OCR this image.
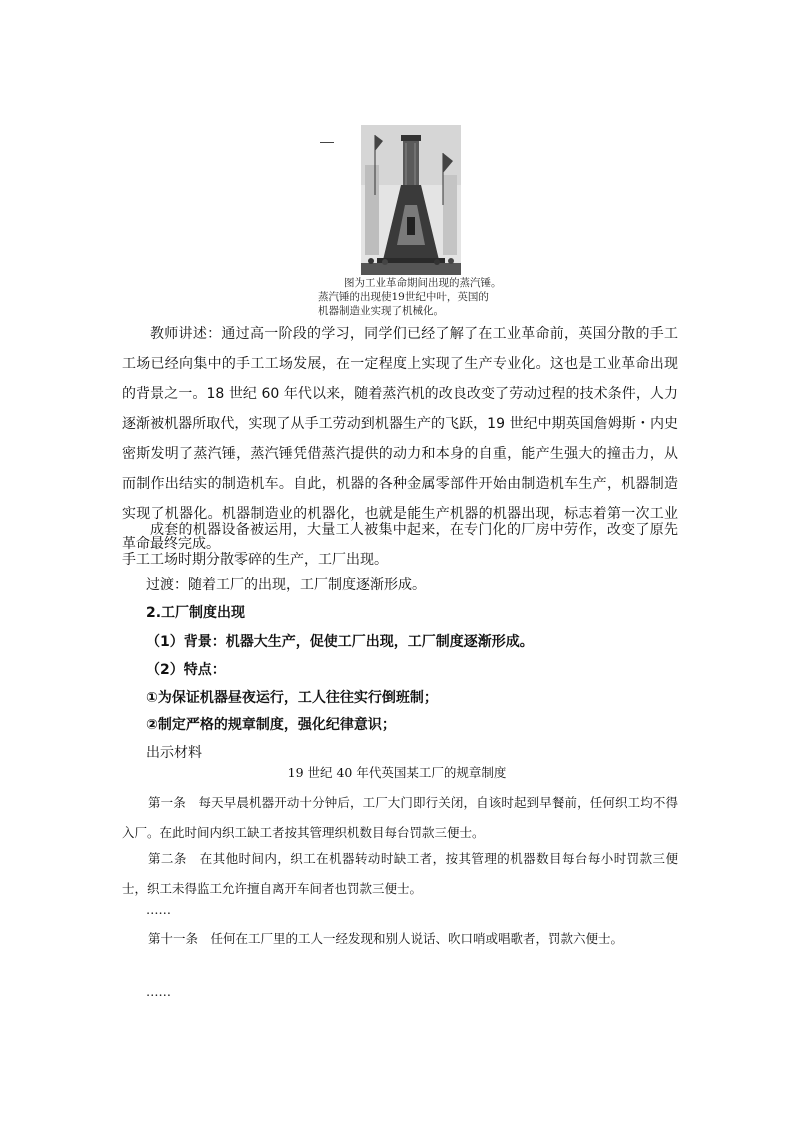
图为工业革命期间出现的蒸汽锤。
蒸汽锤的出现使19世纪中叶，英国的
机器制造业实现了机械化。

教师讲述：通过高一阶段的学习，同学们已经了解了在工业革命前，英国分散的手工工场已经向集中的手工工场发展，在一定程度上实现了生产专业化。这也是工业革命出现的背景之一。18 世纪 60 年代以来，随着蒸汽机的改良改变了劳动过程的技术条件，人力逐渐被机器所取代，实现了从手工劳动到机器生产的飞跃，19 世纪中期英国詹姆斯・内史密斯发明了蒸汽锤，蒸汽锤凭借蒸汽提供的动力和本身的自重，能产生强大的撞击力，从而制作出结实的制造机车。自此，机器的各种金属零部件开始由制造机车生产，机器制造实现了机器化。机器制造业的机器化，也就是能生产机器的机器出现，标志着第一次工业革命最终完成。

成套的机器设备被运用，大量工人被集中起来，在专门化的厂房中劳作，改变了原先手工工场时期分散零碎的生产，工厂出现。

过渡：随着工厂的出现，工厂制度逐渐形成。
2.工厂制度出现
（1）背景：机器大生产，促使工厂出现，工厂制度逐渐形成。
（2）特点：
①为保证机器昼夜运行，工人往往实行倒班制；
②制定严格的规章制度，强化纪律意识；
出示材料
19 世纪 40 年代英国某工厂的规章制度

第一条　每天早晨机器开动十分钟后，工厂大门即行关闭，自该时起到早餐前，任何织工均不得入厂。在此时间内织工缺工者按其管理织机数目每台罚款三便士。

第二条　在其他时间内，织工在机器转动时缺工者，按其管理的机器数目每台每小时罚款三便士，织工未得监工允许擅自离开车间者也罚款三便士。

……

第十一条　任何在工厂里的工人一经发现和别人说话、吹口哨或唱歌者，罚款六便士。

……
